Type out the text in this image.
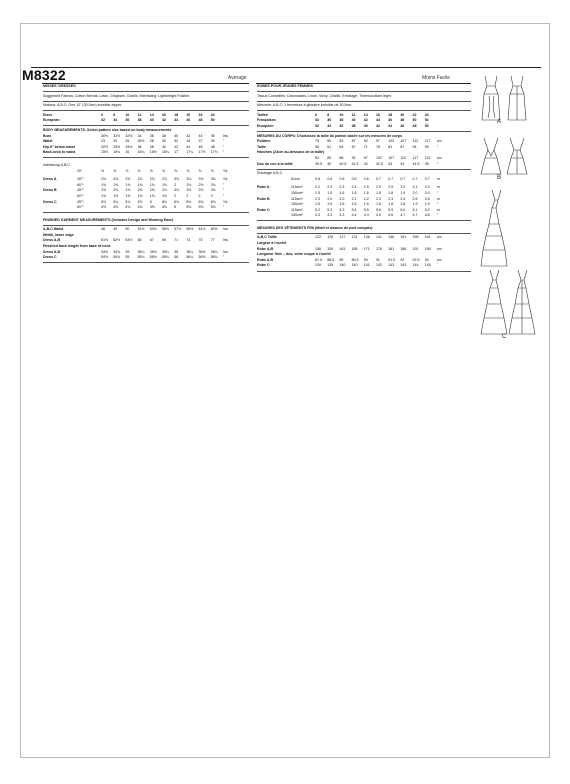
M8322	Average	Moins Facile
MISSES' DRESSES
Suggested Fabrics: Cotton Blends, Lawn, Gingham, Challis. Interfacing: Lightweight Fusible.
Notions: A,B,C: One 12" (30.5cm) invisible zipper.
Sizes	6	8	10	12	14	16	18	20	22	24
European	32	34	36	38	40	42	44	46	48	50
BODY MEASUREMENTS: Select pattern size based on body measurements
Bust	30½	31½	32½	34	36	38	40	42	44	46	Ins.
Waist	23	24	25	26½	28	30	32	34	37	39	"
Hip-9" below waist	32½	33½	34½	36	38	40	42	44	46	48	"
Back-neck to waist	15½	15¾	16	16¼	16½	16¾	17	17¼	17½	17¾	"
Interfacing A,B,C
20"	⅝	⅝	⅝	⅝	⅝	⅝	⅝	⅝	⅝	⅝	Yd.
Dress A	45"*	2⅝	2⅝	2⅝	2¾	2¾	2⅞	3⅛	3⅛	3⅛	3⅛	Yd.
60"*	1⅝	1⅝	1⅝	1⅝	1⅝	1⅝	2	2⅛	2⅛	2⅛	"
Dress B	45"*	2⅝	2⅝	2⅝	2⅝	2⅝	2⅞	3⅛	3⅛	3⅛	3⅛	"
60"*	1⅝	1⅝	1⅝	1⅝	1⅝	1⅝	2	2	2	2	"
Dress C	45"*	5⅝	5¾	5¾	5⅞	6	6⅛	6⅛	6⅛	6⅛	6⅛	Yd.
60"*	4⅝	4¾	4¾	4¾	4⅝	4⅝	5	5⅛	5⅛	5⅛	"
FINISHED GARMENT MEASUREMENTS (Includes Design and Wearing Ease)
A,B,C Waist	48	49	50	51½	53½	55½	57½	59½	61½	63½	Ins.
Width, lower edge
Dress A,B	61½	62½	63½	65	67	69	71	73	75	77	Ins.
Finished back length from base of neck
Dress A,B	34½	34¾	35	35¼	35½	35¾	36	36¼	36½	36¾	Ins.
Dress C	54½	54¾	55	55¼	55½	55¾	56	56¼	56½	56¾	"
ROBES POUR JEUNES FEMMES
Tissus Conseillés: Cotonnades, Linon, Vichy, Challis. Entoilage: Thermocollant léger.
Mercerie: A,B,C: 1 fermeture à glissière invisible de 30,5cm.
Tailles	6	8	10	12	14	16	18	20	22	24
Françaises	34	36	38	40	42	44	46	48	50	52
Européen	32	34	36	38	40	42	44	46	48	50
MESURES DU CORPS: Choisissez la taille du patron basée sur les mesures de corps
Poitrine	78	80	83	87	92	97	102	107	112	117	cm
Taille	58	61	64	67	71	76	81	87	94	99	"
Hanches (23cm au-dessous de la taille)
83	85	88	92	97	102	107	112	117	122	cm
Dos du cou à la taille	39.5	40	40.5	41.5	42	42.5	43	44	44.5	45	"
Entoilage A,B,C
51cm	0.6	0.6	0.6	0.6	0.6	0.7	0.7	0.7	0.7	0.7	m
Robe A	115cm*	2.2	2.3	2.3	2.4	2.6	2.9	2.9	3.0	3.1	3.2	m
150cm*	1.5	1.5	1.6	1.6	1.6	1.8	1.8	1.9	2.0	2.0	"
Robe B	115cm*	2.0	2.0	2.0	2.1	2.2	2.3	2.3	2.4	2.6	2.6	m
150cm*	1.5	1.5	1.6	1.6	1.6	1.6	1.8	1.8	1.9	1.9	"
Robe C	115cm*	5.2	5.3	5.3	5.4	5.5	5.6	5.9	6.0	6.1	6.2	m
150cm*	4.3	4.3	4.3	4.4	4.4	4.5	4.6	4.7	4.7	4.8	"
MESURES DES VÊTEMENTS FINI (Motif et aisance de port compris)
A,B,C Taille	122	125	127	131	136	141	146	151	156	161	cm
Largeur à l'ourlet
Robe A,B	156	159	161	165	171	176	181	186	191	196	cm
Longueur finie – dos, votre nuque à l'ourlet
Robe A,B	87.5	88.5	89	89.5	90	91	91.5	92	92.5	93	cm
Robe C	139	139	140	140	141	142	143	143	144	145	"
A
B
C
